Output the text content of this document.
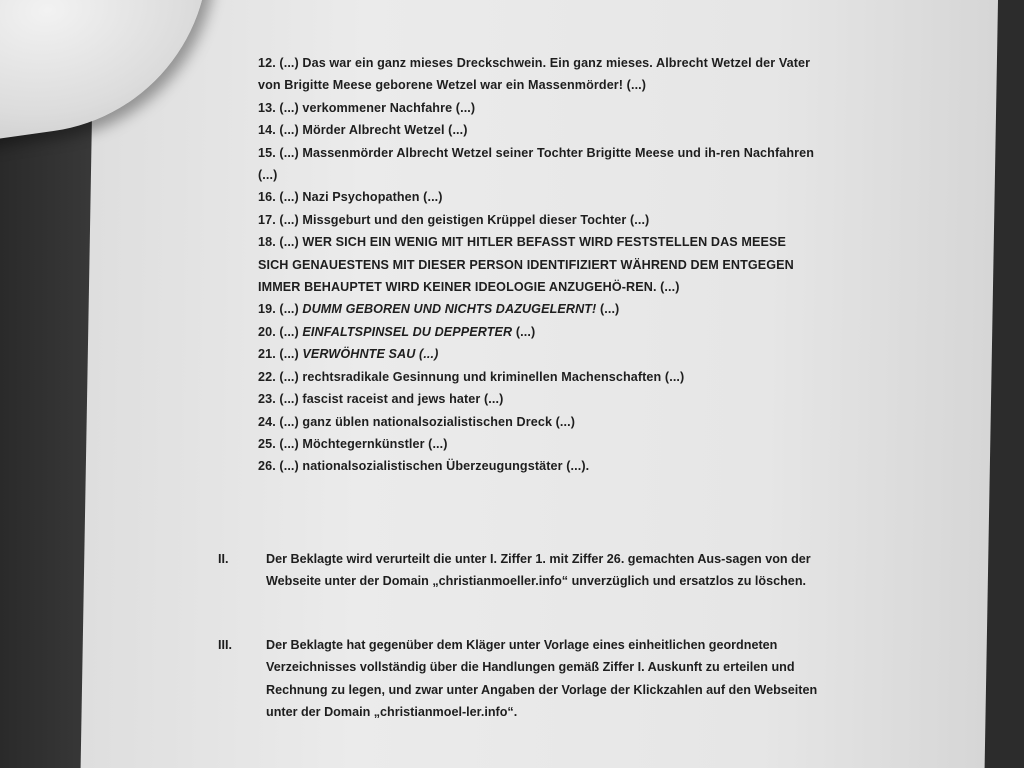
12. (...) Das war ein ganz mieses Dreckschwein. Ein ganz mieses. Albrecht Wetzel der Vater von Brigitte Meese geborene Wetzel war ein Massenmörder! (...)
13. (...) verkommener Nachfahre (...)
14. (...) Mörder Albrecht Wetzel (...)
15. (...) Massenmörder Albrecht Wetzel seiner Tochter Brigitte Meese und ih-ren Nachfahren (...)
16. (...) Nazi Psychopathen (...)
17. (...) Missgeburt und den geistigen Krüppel dieser Tochter (...)
18. (...) WER SICH EIN WENIG MIT HITLER BEFASST WIRD FESTSTELLEN DAS MEESE SICH GENAUESTENS MIT DIESER PERSON IDENTIFIZIERT WÄHREND DEM ENTGEGEN IMMER BEHAUPTET WIRD KEINER IDEOLOGIE ANZUGEHÖ-REN. (...)
19. (...) DUMM GEBOREN UND NICHTS DAZUGELERNT! (...)
20. (...) EINFALTSPINSEL DU DEPPERTER (...)
21. (...) VERWÖHNTE SAU (...)
22. (...) rechtsradikale Gesinnung und kriminellen Machenschaften (...)
23. (...) fascist raceist and jews hater (...)
24. (...) ganz üblen nationalsozialistischen Dreck (...)
25. (...) Möchtegernkünstler (...)
26. (...) nationalsozialistischen Überzeugungstäter (...).
II.	Der Beklagte wird verurteilt die unter I. Ziffer 1. mit Ziffer 26. gemachten Aus-sagen von der Webseite unter der Domain „christianmoeller.info“ unverzüglich und ersatzlos zu löschen.
III.	Der Beklagte hat gegenüber dem Kläger unter Vorlage eines einheitlichen geordneten Verzeichnisses vollständig über die Handlungen gemäß Ziffer I. Auskunft zu erteilen und Rechnung zu legen, und zwar unter Angaben der Vorlage der Klickzahlen auf den Webseiten unter der Domain „christianmoel-ler.info“.
